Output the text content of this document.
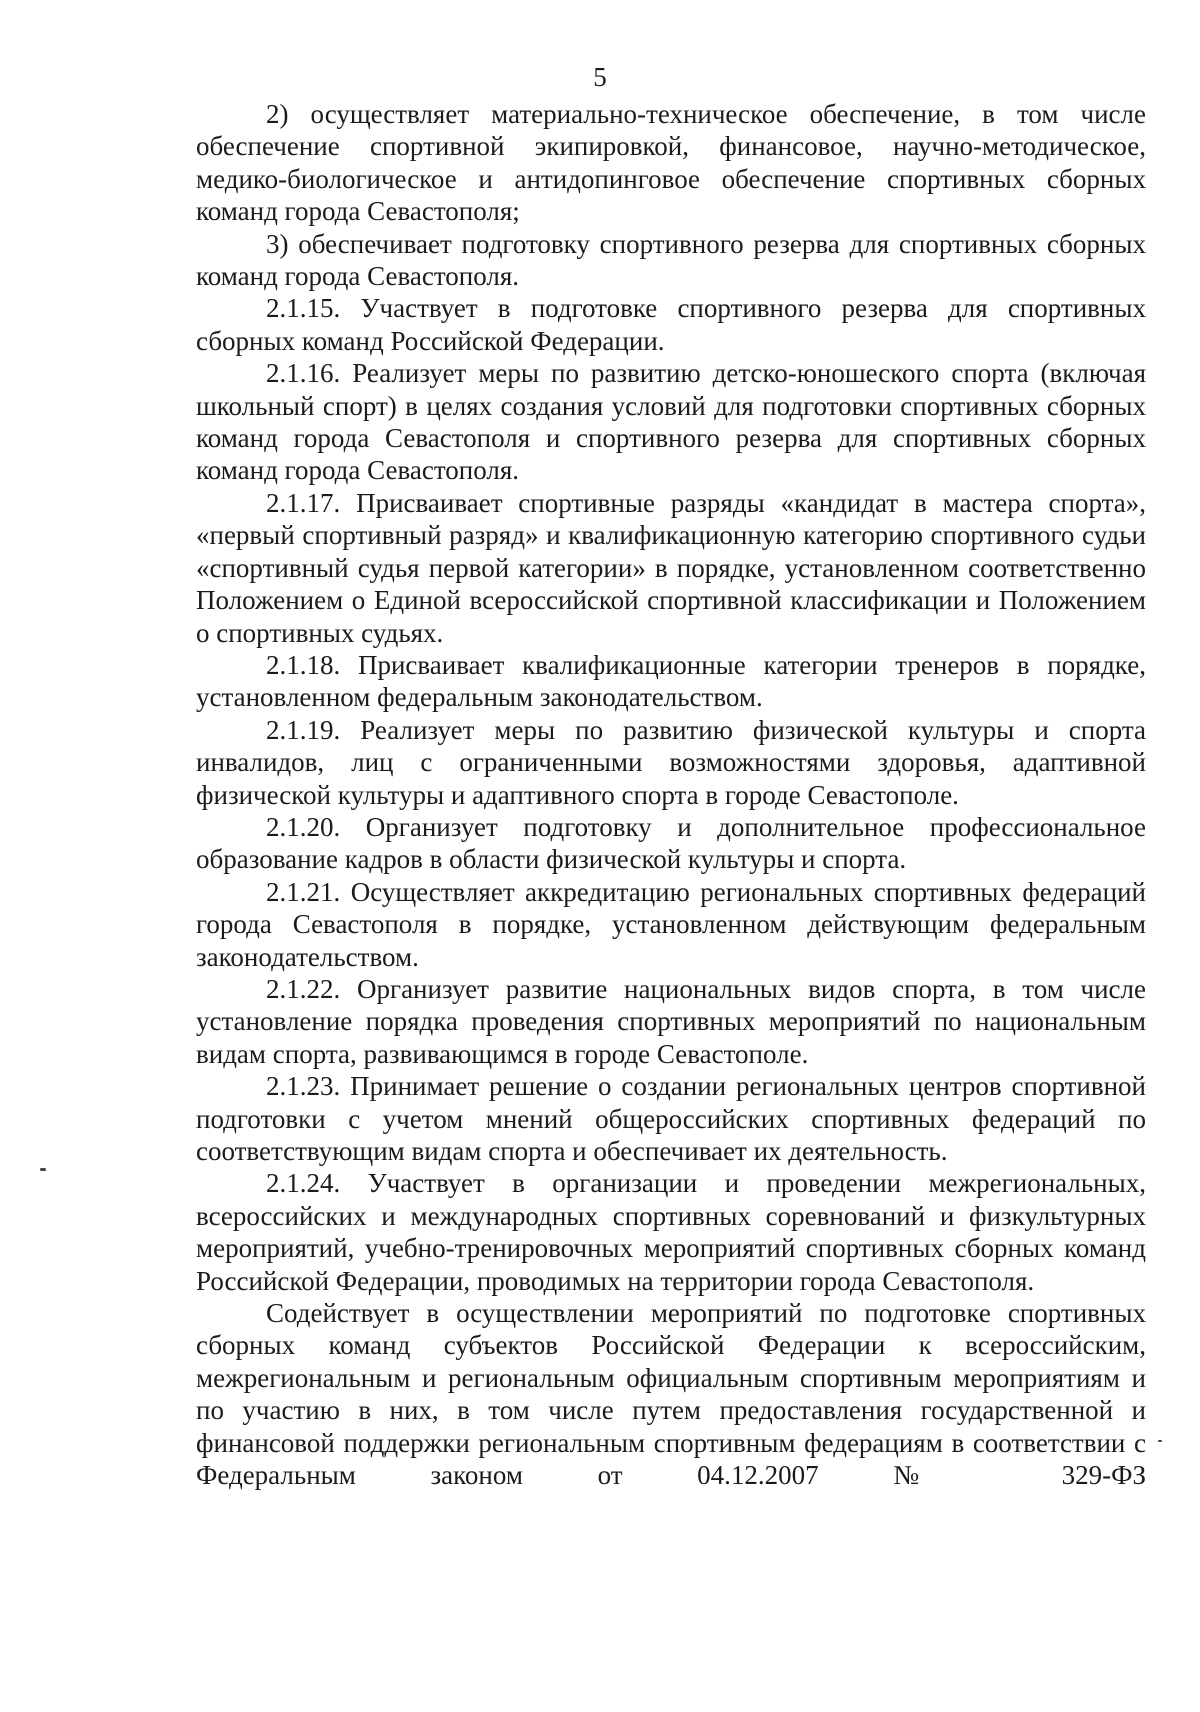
5

2) осуществляет материально-техническое обеспечение, в том числе обеспечение спортивной экипировкой, финансовое, научно-методическое, медико-биологическое и антидопинговое обеспечение спортивных сборных команд города Севастополя;

3) обеспечивает подготовку спортивного резерва для спортивных сборных команд города Севастополя.

2.1.15. Участвует в подготовке спортивного резерва для спортивных сборных команд Российской Федерации.

2.1.16. Реализует меры по развитию детско-юношеского спорта (включая школьный спорт) в целях создания условий для подготовки спортивных сборных команд города Севастополя и спортивного резерва для спортивных сборных команд города Севастополя.

2.1.17. Присваивает спортивные разряды «кандидат в мастера спорта», «первый спортивный разряд» и квалификационную категорию спортивного судьи «спортивный судья первой категории» в порядке, установленном соответственно Положением о Единой всероссийской спортивной классификации и Положением о спортивных судьях.

2.1.18. Присваивает квалификационные категории тренеров в порядке, установленном федеральным законодательством.

2.1.19. Реализует меры по развитию физической культуры и спорта инвалидов, лиц с ограниченными возможностями здоровья, адаптивной физической культуры и адаптивного спорта в городе Севастополе.

2.1.20. Организует подготовку и дополнительное профессиональное образование кадров в области физической культуры и спорта.

2.1.21. Осуществляет аккредитацию региональных спортивных федераций города Севастополя в порядке, установленном действующим федеральным законодательством.

2.1.22. Организует развитие национальных видов спорта, в том числе установление порядка проведения спортивных мероприятий по национальным видам спорта, развивающимся в городе Севастополе.

2.1.23. Принимает решение о создании региональных центров спортивной подготовки с учетом мнений общероссийских спортивных федераций по соответствующим видам спорта и обеспечивает их деятельность.

2.1.24. Участвует в организации и проведении межрегиональных, всероссийских и международных спортивных соревнований и физкультурных мероприятий, учебно-тренировочных мероприятий спортивных сборных команд Российской Федерации, проводимых на территории города Севастополя.

Содействует в осуществлении мероприятий по подготовке спортивных сборных команд субъектов Российской Федерации к всероссийским, межрегиональным и региональным официальным спортивным мероприятиям и по участию в них, в том числе путем предоставления государственной и финансовой поддержки региональным спортивным федерациям в соответствии с Федеральным законом от 04.12.2007 № 329-ФЗ
